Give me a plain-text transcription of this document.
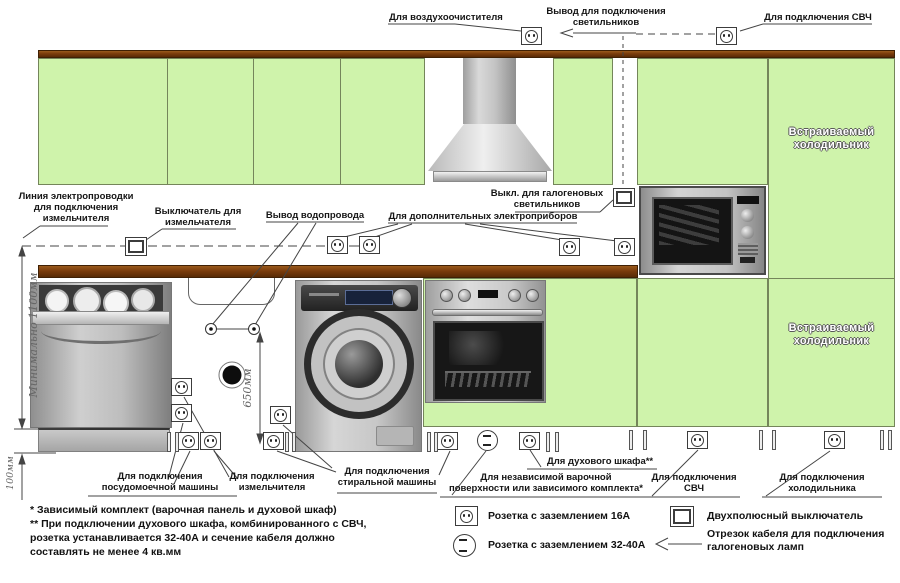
Встраиваемый
холодильник
Встраиваемый
холодильник
Для воздухоочистителя
Вывод для подключения
светильников	Для подключения СВЧ
Линия электропроводки
для подключения
измельчителя
Выключатель для
измельчателя
Вывод водопровода	Для дополнительных электроприборов
Выкл. для галогеновых
светильников
Минимально 1100мм	650мм
100мм	Для подключения
посудомоечной машины
Для подключения
измельчителя
Для подключения
стиральной машины
Для духового шкафа**
Для независимой варочной
поверхности или зависимого комплекта*
Для подключения
СВЧ
Для подключения
холодильника
* Зависимый комплект (варочная панель и духовой шкаф)
** При подключении духового шкафа, комбинированного с СВЧ,
розетка устанавливается 32-40А и сечение кабеля должно
составлять не менее 4 кв.мм
Розетка с заземлением 16А
Розетка с заземлением 32-40А
Двухполюсный выключатель
Отрезок кабеля для подключения галогеновых ламп
